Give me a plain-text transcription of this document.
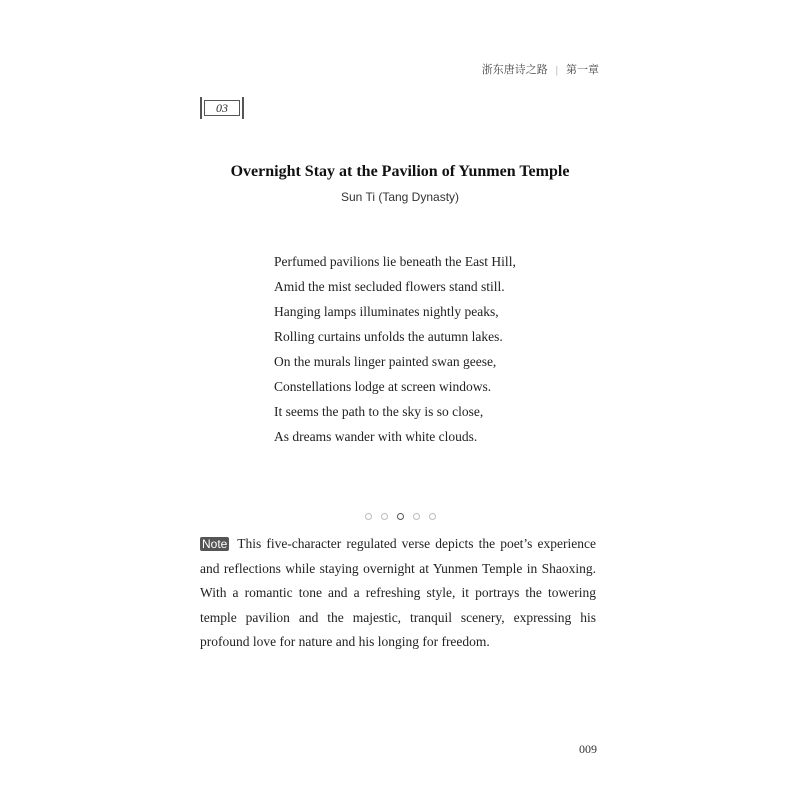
浙东唐诗之路 | 第一章
03
Overnight Stay at the Pavilion of Yunmen Temple
Sun Ti (Tang Dynasty)
Perfumed pavilions lie beneath the East Hill,
Amid the mist secluded flowers stand still.
Hanging lamps illuminates nightly peaks,
Rolling curtains unfolds the autumn lakes.
On the murals linger painted swan geese,
Constellations lodge at screen windows.
It seems the path to the sky is so close,
As dreams wander with white clouds.
Note This five-character regulated verse depicts the poet’s experience and reflections while staying overnight at Yunmen Temple in Shaoxing. With a romantic tone and a refreshing style, it portrays the towering temple pavilion and the majestic, tranquil scenery, expressing his profound love for nature and his longing for freedom.
009
